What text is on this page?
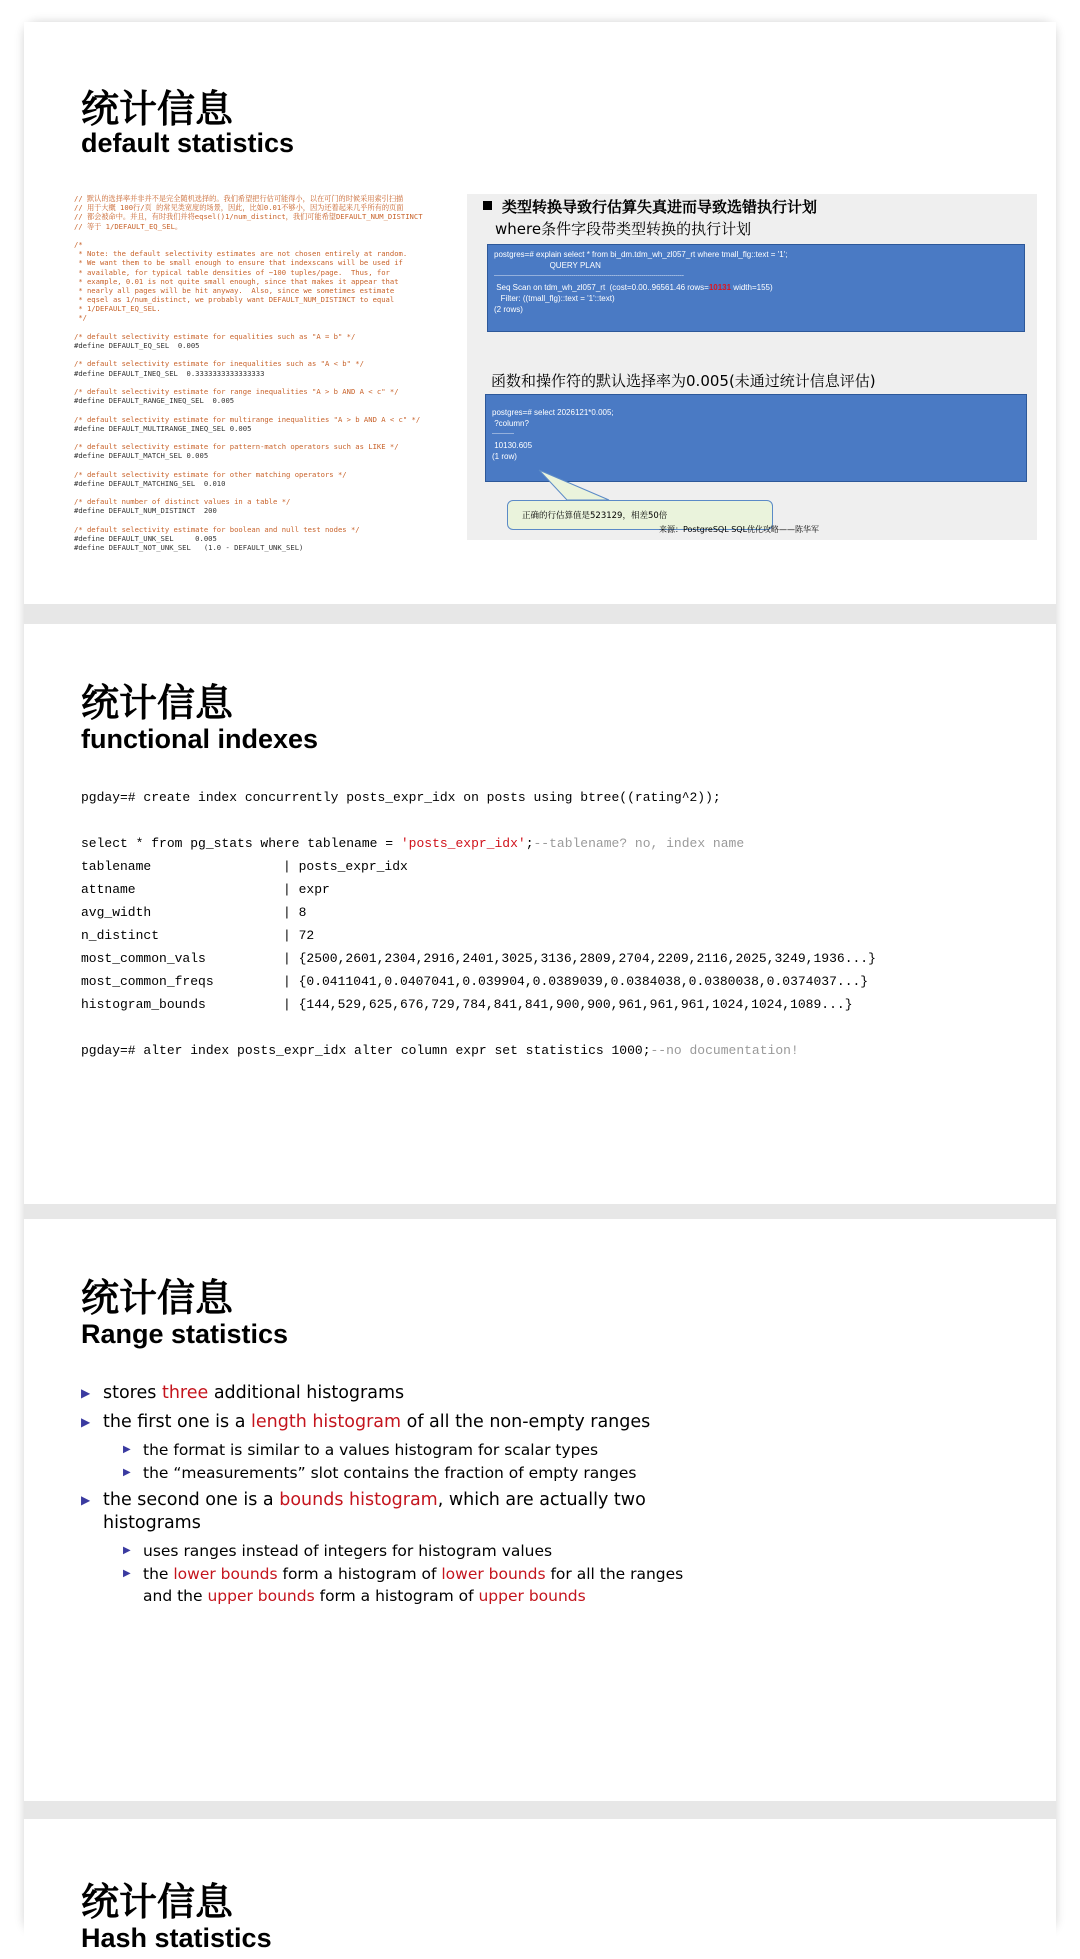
统计信息
default statistics
// 默认的选择率并非并不是完全随机选择的。我们希望把行估可能得小，以在可门的时候采用索引扫描
// 用于大概 100行/页 的常见类宽度的场景，因此，比如0.01不够小，因为还着起来几乎所有的页面
// 都会被命中。并且，有时我们并将eqsel()1/num_distinct，我们可能希望DEFAULT_NUM_DISTINCT
// 等于 1/DEFAULT_EQ_SEL。
/*
* Note: the default selectivity estimates are not chosen entirely at random.
* We want them to be small enough to ensure that indexscans will be used if
* available, for typical table densities of ~100 tuples/page.  Thus, for
* example, 0.01 is not quite small enough, since that makes it appear that
* nearly all pages will be hit anyway.  Also, since we sometimes estimate
* eqsel as 1/num_distinct, we probably want DEFAULT_NUM_DISTINCT to equal
* 1/DEFAULT_EQ_SEL.
*/
/* default selectivity estimate for equalities such as "A = b" */
#define DEFAULT_EQ_SEL  0.005
/* default selectivity estimate for inequalities such as "A < b" */
#define DEFAULT_INEQ_SEL  0.3333333333333333
/* default selectivity estimate for range inequalities "A > b AND A < c" */
#define DEFAULT_RANGE_INEQ_SEL  0.005
/* default selectivity estimate for multirange inequalities "A > b AND A < c" */
#define DEFAULT_MULTIRANGE_INEQ_SEL 0.005
/* default selectivity estimate for pattern-match operators such as LIKE */
#define DEFAULT_MATCH_SEL 0.005
/* default selectivity estimate for other matching operators */
#define DEFAULT_MATCHING_SEL  0.010
/* default number of distinct values in a table */
#define DEFAULT_NUM_DISTINCT  200
/* default selectivity estimate for boolean and null test nodes */
#define DEFAULT_UNK_SEL     0.005
#define DEFAULT_NOT_UNK_SEL   (1.0 - DEFAULT_UNK_SEL)
类型转换导致行估算失真进而导致选错执行计划
where条件字段带类型转换的执行计划
postgres=# explain select * from bi_dm.tdm_wh_zl057_rt where tmall_flg::text = '1';
QUERY PLAN
-----------------------------------------------------------------------------------------------
Seq Scan on tdm_wh_zl057_rt  (cost=0.00..96561.46 rows=10131 width=155)
Filter: ((tmall_flg)::text = '1'::text)
(2 rows)
函数和操作符的默认选择率为0.005(未通过统计信息评估)
postgres=# select 2026121*0.005;
?column?
-----------
10130.605
(1 row)
正确的行估算值是523129，相差50倍
来源：PostgreSQL SQL优化攻略——陈华军
统计信息
functional indexes
pgday=# create index concurrently posts_expr_idx on posts using btree((rating^2));
select * from pg_stats where tablename = 'posts_expr_idx';--tablename? no, index name
tablename	| posts_expr_idx
attname	| expr
avg_width	| 8
n_distinct	| 72
most_common_vals	| {2500,2601,2304,2916,2401,3025,3136,2809,2704,2209,2116,2025,3249,1936...}
most_common_freqs	| {0.0411041,0.0407041,0.039904,0.0389039,0.0384038,0.0380038,0.0374037...}
histogram_bounds	| {144,529,625,676,729,784,841,841,900,900,961,961,961,1024,1024,1089...}
pgday=# alter index posts_expr_idx alter column expr set statistics 1000;--no documentation!
统计信息
Range statistics
▶ stores three additional histograms
▶ the first one is a length histogram of all the non-empty ranges
▶ the format is similar to a values histogram for scalar types
▶ the “measurements” slot contains the fraction of empty ranges
▶ the second one is a bounds histogram, which are actually two
histograms
▶ uses ranges instead of integers for histogram values
▶ the lower bounds form a histogram of lower bounds for all the ranges
and the upper bounds form a histogram of upper bounds
统计信息
Hash statistics
